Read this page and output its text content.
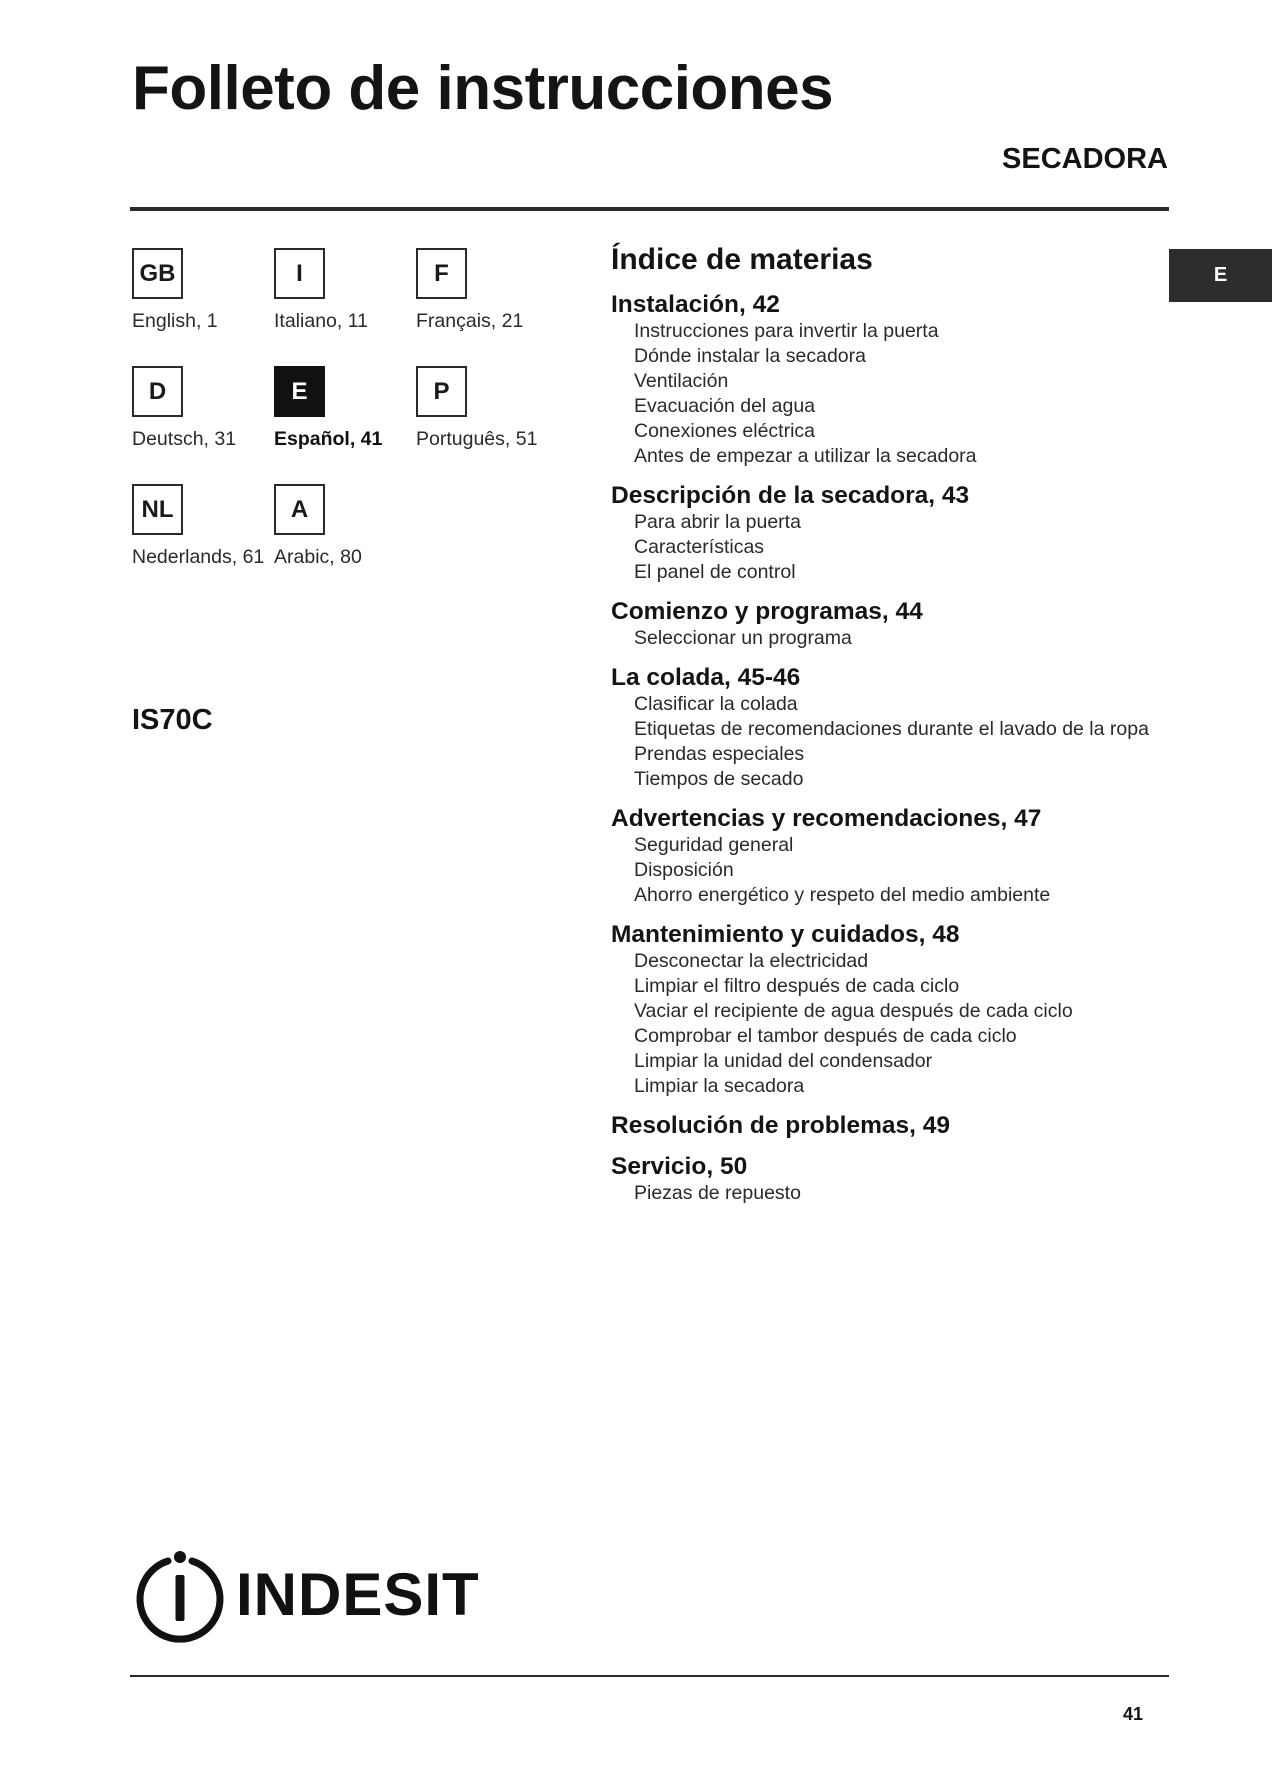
Folleto de instrucciones
SECADORA
E
GB
English, 1
I
Italiano, 11
F
Français, 21
D
Deutsch, 31
E
Español, 41
P
Português, 51
NL
Nederlands, 61
A
Arabic, 80
IS70C
Índice de materias
Instalación, 42
Instrucciones para invertir la puerta
Dónde instalar la secadora
Ventilación
Evacuación del agua
Conexiones eléctrica
Antes de empezar a utilizar la secadora
Descripción de la secadora, 43
Para abrir la puerta
Características
El panel de control
Comienzo y programas, 44
Seleccionar un programa
La colada, 45-46
Clasificar la colada
Etiquetas de recomendaciones durante el lavado de la ropa
Prendas especiales
Tiempos de secado
Advertencias y recomendaciones, 47
Seguridad general
Disposición
Ahorro energético y respeto del medio ambiente
Mantenimiento y cuidados, 48
Desconectar la electricidad
Limpiar el filtro después de cada ciclo
Vaciar el recipiente de agua después de cada ciclo
Comprobar el tambor después de cada ciclo
Limpiar la unidad del condensador
Limpiar la secadora
Resolución de problemas, 49
Servicio, 50
Piezas de repuesto
INDESIT
41
